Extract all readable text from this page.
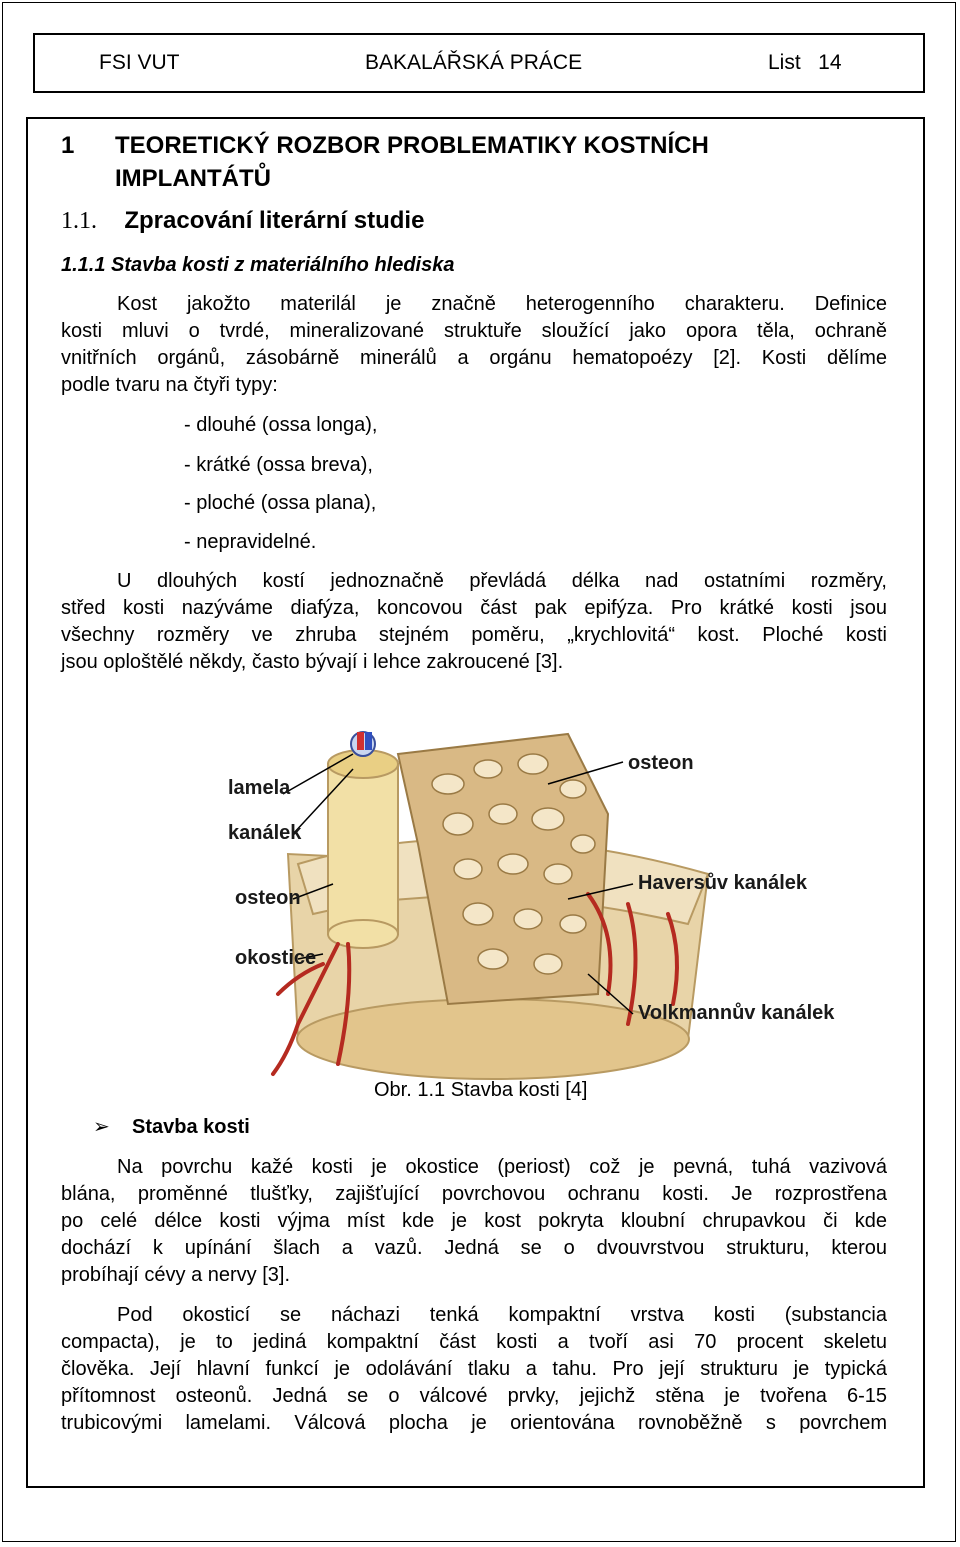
FSI VUT	BAKALÁŘSKÁ PRÁCE	List   14
1 TEORETICKÝ ROZBOR PROBLEMATIKY KOSTNÍCH
IMPLANTÁTŮ
1.1. Zpracování literární studie
1.1.1 Stavba kosti z materiálního hlediska
Kost jakožto materilál je značně heterogenního charakteru. Definice
kosti mluvi o tvrdé, mineralizované struktuře sloužící jako opora těla, ochraně
vnitřních orgánů, zásobárně minerálů a orgánu hematopoézy [2]. Kosti dělíme
podle tvaru na čtyři typy:
- dlouhé (ossa longa),
- krátké (ossa breva),
- ploché (ossa plana),
- nepravidelné.
U dlouhých kostí jednoznačně převládá délka nad ostatními rozměry,
střed kosti nazýváme diafýza, koncovou část pak epifýza. Pro krátké kosti jsou
všechny rozměry ve zhruba stejném poměru, „krychlovitá“ kost. Ploché kosti
jsou oploštělé někdy, často bývají i lehce zakroucené [3].
lamela
kanálek
osteon
okostice
osteon
Haversův kanálek
Volkmannův kanálek
Obr. 1.1 Stavba kosti [4]
➢ Stavba kosti
Na povrchu kažé kosti je okostice (periost) což je pevná, tuhá vazivová
blána, proměnné tlušťky, zajišťující povrchovou ochranu kosti. Je rozprostřena
po celé délce kosti výjma míst kde je kost pokryta kloubní chrupavkou či kde
dochází k upínání šlach a vazů. Jedná se o dvouvrstvou strukturu, kterou
probíhají cévy a nervy [3].
Pod okosticí se náchazi tenká kompaktní vrstva kosti (substancia
compacta), je to jediná kompaktní část kosti a tvoří asi 70 procent skeletu
člověka. Její hlavní funkcí je odolávání tlaku a tahu. Pro její strukturu je typická
přítomnost osteonů. Jedná se o válcové prvky, jejichž stěna je tvořena 6-15
trubicovými lamelami. Válcová plocha je orientována rovnoběžně s povrchem
